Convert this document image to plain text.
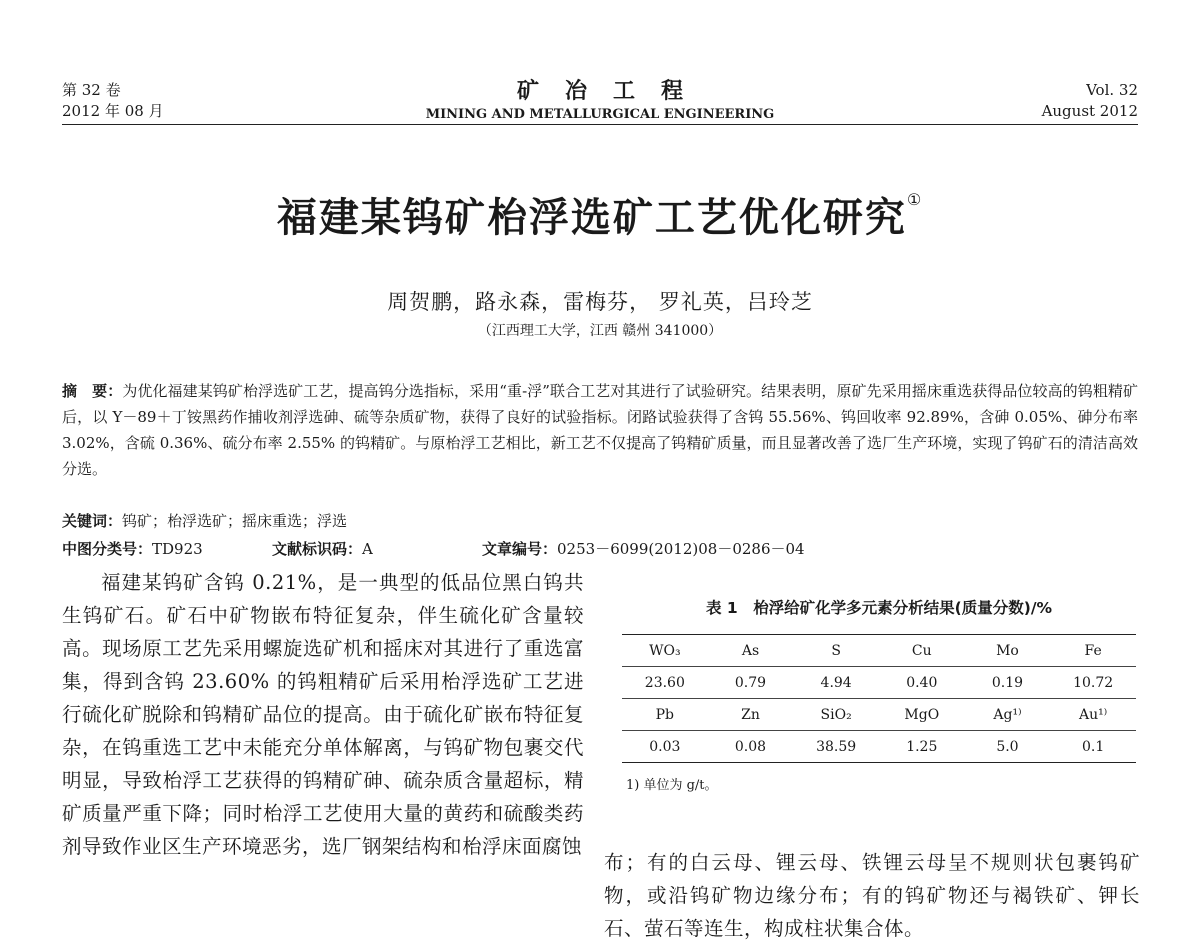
第 32 卷
2012 年 08 月
矿冶工程
MINING AND METALLURGICAL ENGINEERING
Vol. 32
August 2012
福建某钨矿枱浮选矿工艺优化研究①
周贺鹏，路永森，雷梅芬， 罗礼英，吕玲芝
（江西理工大学，江西 赣州 341000）
摘　要：为优化福建某钨矿枱浮选矿工艺，提高钨分选指标，采用“重-浮”联合工艺对其进行了试验研究。结果表明，原矿先采用摇床重选获得品位较高的钨粗精矿后，以 Y－89＋丁铵黑药作捕收剂浮选砷、硫等杂质矿物，获得了良好的试验指标。闭路试验获得了含钨 55.56%、钨回收率 92.89%，含砷 0.05%、砷分布率 3.02%，含硫 0.36%、硫分布率 2.55% 的钨精矿。与原枱浮工艺相比，新工艺不仅提高了钨精矿质量，而且显著改善了选厂生产环境，实现了钨矿石的清洁高效分选。
关键词：钨矿；枱浮选矿；摇床重选；浮选
中图分类号：TD923	文献标识码：A	文章编号：0253－6099(2012)08－0286－04

福建某钨矿含钨 0.21%，是一典型的低品位黑白钨共生钨矿石。矿石中矿物嵌布特征复杂，伴生硫化矿含量较高。现场原工艺先采用螺旋选矿机和摇床对其进行了重选富集，得到含钨 23.60% 的钨粗精矿后采用枱浮选矿工艺进行硫化矿脱除和钨精矿品位的提高。由于硫化矿嵌布特征复杂，在钨重选工艺中未能充分单体解离，与钨矿物包裹交代明显，导致枱浮工艺获得的钨精矿砷、硫杂质含量超标，精矿质量严重下降；同时枱浮工艺使用大量的黄药和硫酸类药剂导致作业区生产环境恶劣，选厂钢架结构和枱浮床面腐蚀

表 1　枱浮给矿化学多元素分析结果(质量分数)/%
WO₃	As	S	Cu	Mo	Fe
23.60	0.79	4.94	0.40	0.19	10.72
Pb	Zn	SiO₂	MgO	Ag¹⁾	Au¹⁾
0.03	0.08	38.59	1.25	5.0	0.1
1) 单位为 g/t。

布；有的白云母、锂云母、铁锂云母呈不规则状包裹钨矿物，或沿钨矿物边缘分布；有的钨矿物还与褐铁矿、钾长石、萤石等连生，构成柱状集合体。
